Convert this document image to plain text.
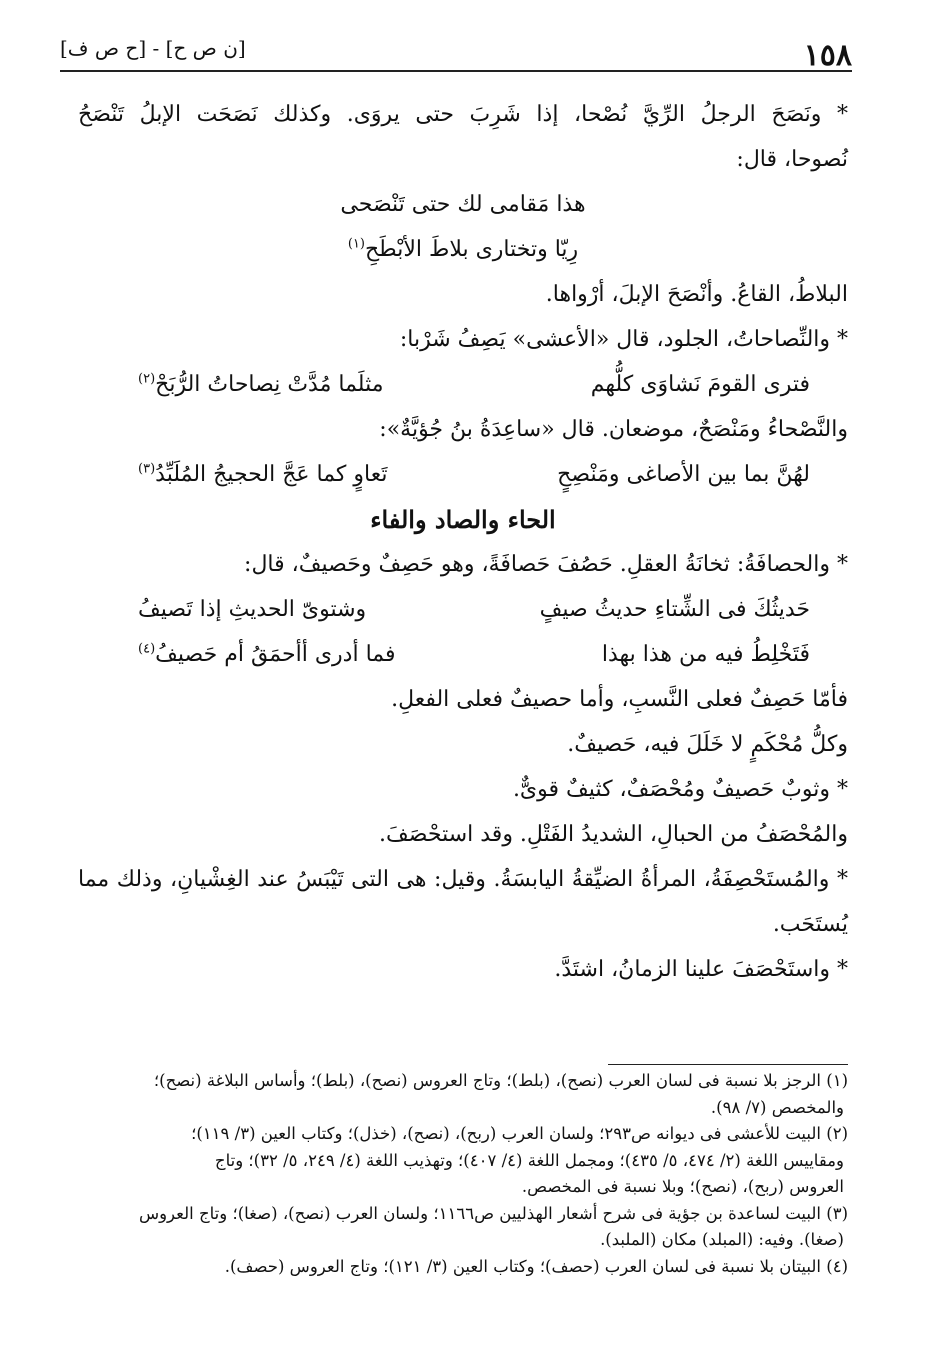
١٥٨
[ن ص ح] - [ح ص ف]
* ونَصَحَ الرجلُ الرِّيَّ نُصْحا، إذا شَرِبَ حتى يروَى. وكذلك نَصَحَت الإبلُ تَنْصَحُ
نُصوحا، قال:
هذا مَقامى لك حتى تَنْصَحى
رِيّا وتختارى بلاطَ الأبْطَحِ$^{(١)}$
البلاطُ، القاعُ. وأنْصَحَ الإبلَ، أرْواها.
* والنِّصاحاتُ، الجلود، قال «الأعشى» يَصِفُ شَرْبا:
فترى القومَ نَشاوَى كلُّهم
مثلَما مُدَّتْ نِصاحاتُ الرُّبَحْ$^{(٢)}$
والنَّصْحاءُ ومَنْصَحٌ، موضعان. قال «ساعِدَةُ بنُ جُؤيَّةٌ»:
لهُنَّ بما بين الأصاغى ومَنْصِحٍ
تَعاوٍ كما عَجَّ الحجيجُ المُلَبِّدُ$^{(٣)}$
الحاء والصاد والفاء
* والحصافَةُ: ثخانَةُ العقلِ. حَصُفَ حَصافَةً، وهو حَصِفٌ وحَصيفٌ، قال:
حَديثُكَ فى الشِّتاءِ حديثُ صيفٍ
وشتوىّ الحديثِ إذا تَصيفُ
فَتَخْلِطُ فيه من هذا بهذا
فما أدرى أأحمَقُ أم حَصيفُ$^{(٤)}$
فأمّا حَصِفٌ فعلى النَّسبِ، وأما حصيفٌ فعلى الفعلِ.
وكلُّ مُحْكَمٍ لا خَلَلَ فيه، حَصيفٌ.
* وثوبٌ حَصيفٌ ومُحْصَفٌ، كثيفٌ قوىٌّ.
والمُحْصَفُ من الحبالِ، الشديدُ الفَتْلِ. وقد استحْصَفَ.
* والمُستَحْصِفَةُ، المرأةُ الضيِّقةُ اليابسَةُ. وقيل: هى التى تَيْبَسُ عند الغِشْيانِ، وذلك مما
يُستَحَب.
* واستَحْصَفَ علينا الزمانُ، اشتَدَّ.
(١) الرجز بلا نسبة فى لسان العرب (نصح)، (بلط)؛ وتاج العروس (نصح)، (بلط)؛ وأساس البلاغة (نصح)؛
والمخصص (٧/ ٩٨).
(٢) البيت للأعشى فى ديوانه ص٢٩٣؛ ولسان العرب (ربح)، (نصح)، (خذل)؛ وكتاب العين (٣/ ١١٩)؛
ومقاييس اللغة (٢/ ٤٧٤، ٥/ ٤٣٥)؛ ومجمل اللغة (٤/ ٤٠٧)؛ وتهذيب اللغة (٤/ ٢٤٩، ٥/ ٣٢)؛ وتاج
العروس (ربح)، (نصح)؛ وبلا نسبة فى المخصص.
(٣) البيت لساعدة بن جؤية فى شرح أشعار الهذليين ص١١٦٦؛ ولسان العرب (نصح)، (صغا)؛ وتاج العروس
(صغا). وفيه: (المبلد) مكان (الملبد).
(٤) البيتان بلا نسبة فى لسان العرب (حصف)؛ وكتاب العين (٣/ ١٢١)؛ وتاج العروس (حصف).
